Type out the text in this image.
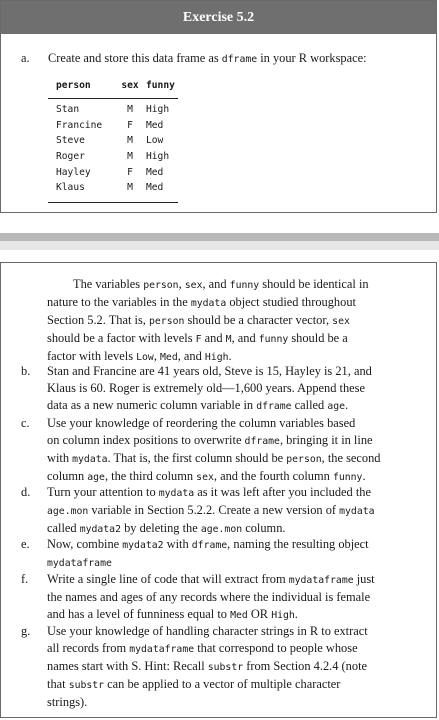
Exercise 5.2
a. Create and store this data frame as dframe in your R workspace:
person	sex	funny
Stan	M	High
Francine	F	Med
Steve	M	Low
Roger	M	High
Hayley	F	Med
Klaus	M	Med
The variables person, sex, and funny should be identical in
nature to the variables in the mydata object studied throughout
Section 5.2. That is, person should be a character vector, sex
should be a factor with levels F and M, and funny should be a
factor with levels Low, Med, and High.
b. Stan and Francine are 41 years old, Steve is 15, Hayley is 21, and
Klaus is 60. Roger is extremely old—1,600 years. Append these
data as a new numeric column variable in dframe called age.
c. Use your knowledge of reordering the column variables based
on column index positions to overwrite dframe, bringing it in line
with mydata. That is, the first column should be person, the second
column age, the third column sex, and the fourth column funny.
d. Turn your attention to mydata as it was left after you included the
age.mon variable in Section 5.2.2. Create a new version of mydata
called mydata2 by deleting the age.mon column.
e. Now, combine mydata2 with dframe, naming the resulting object
mydataframe
f. Write a single line of code that will extract from mydataframe just
the names and ages of any records where the individual is female
and has a level of funniness equal to Med OR High.
g. Use your knowledge of handling character strings in R to extract
all records from mydataframe that correspond to people whose
names start with S. Hint: Recall substr from Section 4.2.4 (note
that substr can be applied to a vector of multiple character
strings).
